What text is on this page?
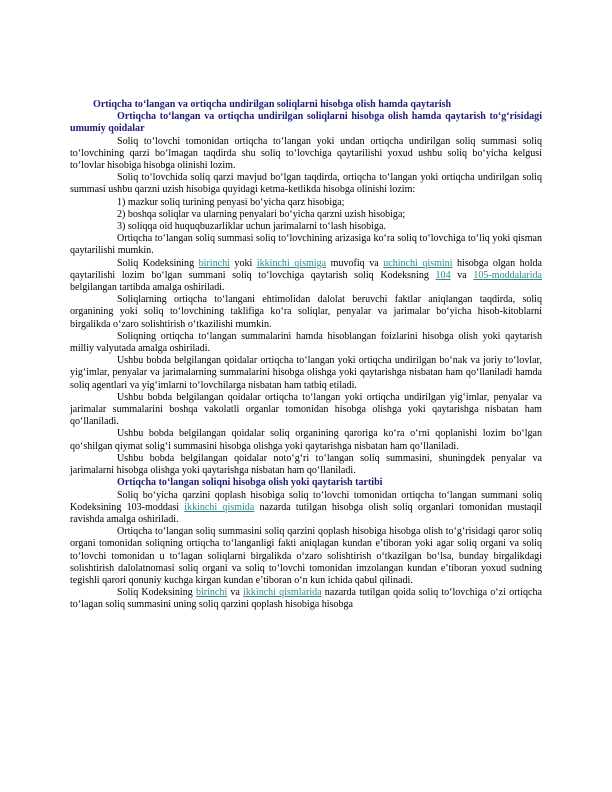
Ortiqcha to‘langan va ortiqcha undirilgan soliqlarni hisobga olish hamda qaytarish

Ortiqcha to‘langan va ortiqcha undirilgan soliqlarni hisobga olish hamda qaytarish to‘g‘risidagi umumiy qoidalar

Soliq to‘lovchi tomonidan ortiqcha to‘langan yoki undan ortiqcha undirilgan soliq summasi soliq to‘lovchining qarzi bo‘lmagan taqdirda shu soliq to‘lovchiga qaytarilishi yoxud ushbu soliq bo‘yicha kelgusi to‘lovlar hisobiga hisobga olinishi lozim.

Soliq to‘lovchida soliq qarzi mavjud bo‘lgan taqdirda, ortiqcha to‘langan yoki ortiqcha undirilgan soliq summasi ushbu qarzni uzish hisobiga quyidagi ketma-ketlikda hisobga olinishi lozim:

1) mazkur soliq turining penyasi bo‘yicha qarz hisobiga;

2) boshqa soliqlar va ularning penyalari bo‘yicha qarzni uzish hisobiga;

3) soliqqa oid huquqbuzarliklar uchun jarimalarni to‘lash hisobiga.

Ortiqcha to‘langan soliq summasi soliq to‘lovchining arizasiga ko‘ra soliq to‘lovchiga to‘liq yoki qisman qaytarilishi mumkin.

Soliq Kodeksining birinchi yoki ikkinchi qismiga muvofiq va uchinchi qismini hisobga olgan holda qaytarilishi lozim bo‘lgan summani soliq to‘lovchiga qaytarish soliq Kodeksning 104 va 105-moddalarida belgilangan tartibda amalga oshiriladi.

Soliqlarning ortiqcha to‘langani ehtimolidan dalolat beruvchi faktlar aniqlangan taqdirda, soliq organining yoki soliq to‘lovchining taklifiga ko‘ra soliqlar, penyalar va jarimalar bo‘yicha hisob-kitoblarni birgalikda o‘zaro solishtirish o‘tkazilishi mumkin.

Soliqning ortiqcha to‘langan summalarini hamda hisoblangan foizlarini hisobga olish yoki qaytarish milliy valyutada amalga oshiriladi.

Ushbu bobda belgilangan qoidalar ortiqcha to‘langan yoki ortiqcha undirilgan bo‘nak va joriy to‘lovlar, yig‘imlar, penyalar va jarimalarning summalarini hisobga olishga yoki qaytarishga nisbatan ham qo‘llaniladi hamda soliq agentlari va yig‘imlarni to‘lovchilarga nisbatan ham tatbiq etiladi.

Ushbu bobda belgilangan qoidalar ortiqcha to‘langan yoki ortiqcha undirilgan yig‘imlar, penyalar va jarimalar summalarini boshqa vakolatli organlar tomonidan hisobga olishga yoki qaytarishga nisbatan ham qo‘llaniladi.

Ushbu bobda belgilangan qoidalar soliq organining qaroriga ko‘ra o‘rni qoplanishi lozim bo‘lgan qo‘shilgan qiymat solig‘i summasini hisobga olishga yoki qaytarishga nisbatan ham qo‘llaniladi.

Ushbu bobda belgilangan qoidalar noto‘g‘ri to‘langan soliq summasini, shuningdek penyalar va jarimalarni hisobga olishga yoki qaytarishga nisbatan ham qo‘llaniladi.

Ortiqcha to‘langan soliqni hisobga olish yoki qaytarish tartibi

Soliq bo‘yicha qarzini qoplash hisobiga soliq to‘lovchi tomonidan ortiqcha to‘langan summani soliq Kodeksining 103-moddasi ikkinchi qismida nazarda tutilgan hisobga olish soliq organlari tomonidan mustaqil ravishda amalga oshiriladi.

Ortiqcha to‘langan soliq summasini soliq qarzini qoplash hisobiga hisobga olish to‘g‘risidagi qaror soliq organi tomonidan soliqning ortiqcha to‘langanligi fakti aniqlagan kundan e’tiboran yoki agar soliq organi va soliq to‘lovchi tomonidan u to‘lagan soliqlarni birgalikda o‘zaro solishtirish o‘tkazilgan bo‘lsa, bunday birgalikdagi solishtirish dalolatnomasi soliq organi va soliq to‘lovchi tomonidan imzolangan kundan e’tiboran yoxud sudning tegishli qarori qonuniy kuchga kirgan kundan e’tiboran o‘n kun ichida qabul qilinadi.

Soliq Kodeksining birinchi va ikkinchi qismlarida nazarda tutilgan qoida soliq to‘lovchiga o‘zi ortiqcha to‘lagan soliq summasini uning soliq qarzini qoplash hisobiga hisobga
